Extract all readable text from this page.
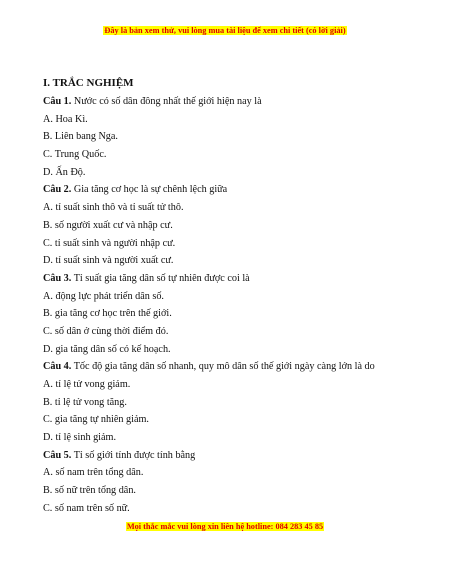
Đây là bản xem thử, vui lòng mua tài liệu để xem chi tiết (có lời giải)
I. TRẮC NGHIỆM
Câu 1. Nước có số dân đông nhất thế giới hiện nay là
A. Hoa Kì.
B. Liên bang Nga.
C. Trung Quốc.
D. Ấn Độ.
Câu 2. Gia tăng cơ học là sự chênh lệch giữa
A. tỉ suất sinh thô và tỉ suất tử thô.
B. số người xuất cư và nhập cư.
C. tỉ suất sinh và người nhập cư.
D. tỉ suất sinh và người xuất cư.
Câu 3. Tỉ suất gia tăng dân số tự nhiên được coi là
A. động lực phát triển dân số.
B. gia tăng cơ học trên thế giới.
C. số dân ở cùng thời điểm đó.
D. gia tăng dân số có kế hoạch.
Câu 4. Tốc độ gia tăng dân số nhanh, quy mô dân số thế giới ngày càng lớn là do
A. tỉ lệ tử vong giảm.
B. tỉ lệ tử vong tăng.
C. gia tăng tự nhiên giảm.
D. tỉ lệ sinh giảm.
Câu 5. Tỉ số giới tính được tính bằng
A. số nam trên tổng dân.
B. số nữ trên tổng dân.
C. số nam trên số nữ.
Mọi thắc mắc vui lòng xin liên hệ hotline: 084 283 45 85
